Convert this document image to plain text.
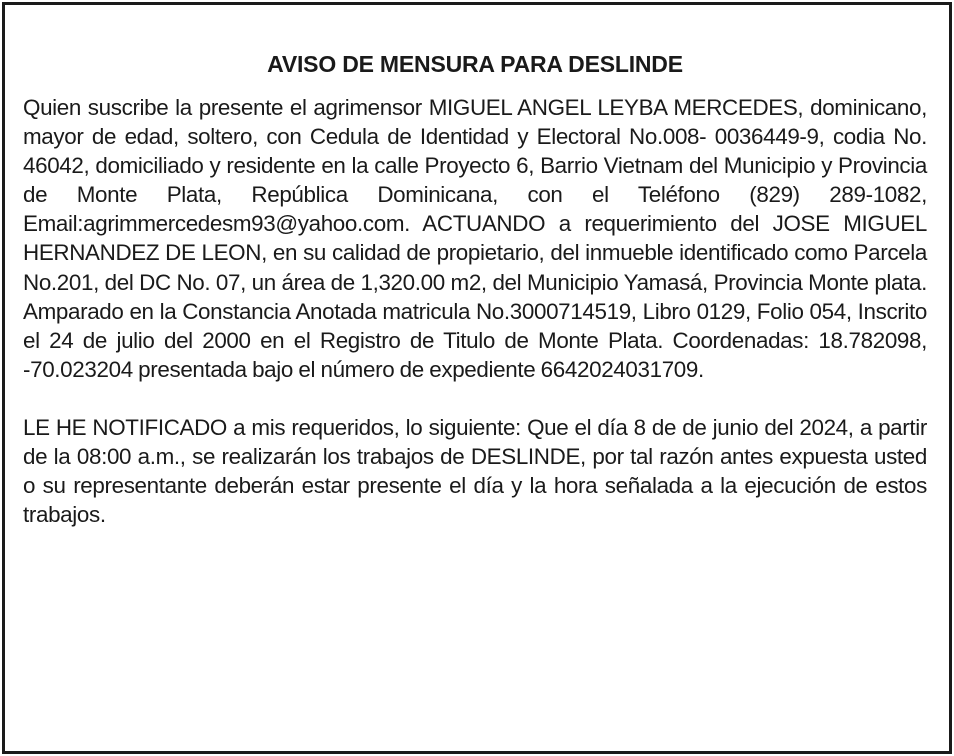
AVISO DE MENSURA PARA DESLINDE

Quien suscribe la presente el agrimensor MIGUEL ANGEL LEYBA MERCEDES, dominicano, mayor de edad, soltero, con Cedula de Identidad y Electoral No.008- 0036449-9, codia No. 46042, domiciliado y residente en la calle Proyecto 6, Barrio Vietnam del Municipio y Provincia de Monte Plata, República Dominicana, con el Teléfono (829) 289-1082, Email:agrimmercedesm93@yahoo.com. ACTUANDO a requerimiento del JOSE MIGUEL HERNANDEZ DE LEON, en su calidad de propietario, del inmueble identificado como Parcela No.201, del DC No. 07, un área de 1,320.00 m2, del Municipio Yamasá, Provincia Monte plata. Amparado en la Constancia Anotada matricula No.3000714519, Libro 0129, Folio 054, Inscrito el 24 de julio del 2000 en el Registro de Titulo de Monte Plata. Coordenadas: 18.782098, -70.023204 presentada bajo el número de expediente 6642024031709.

LE HE NOTIFICADO a mis requeridos, lo siguiente: Que el día 8 de de junio del 2024, a partir de la 08:00 a.m., se realizarán los trabajos de DESLINDE, por tal razón antes expuesta usted o su representante deberán estar presente el día y la hora señalada a la ejecución de estos trabajos.
